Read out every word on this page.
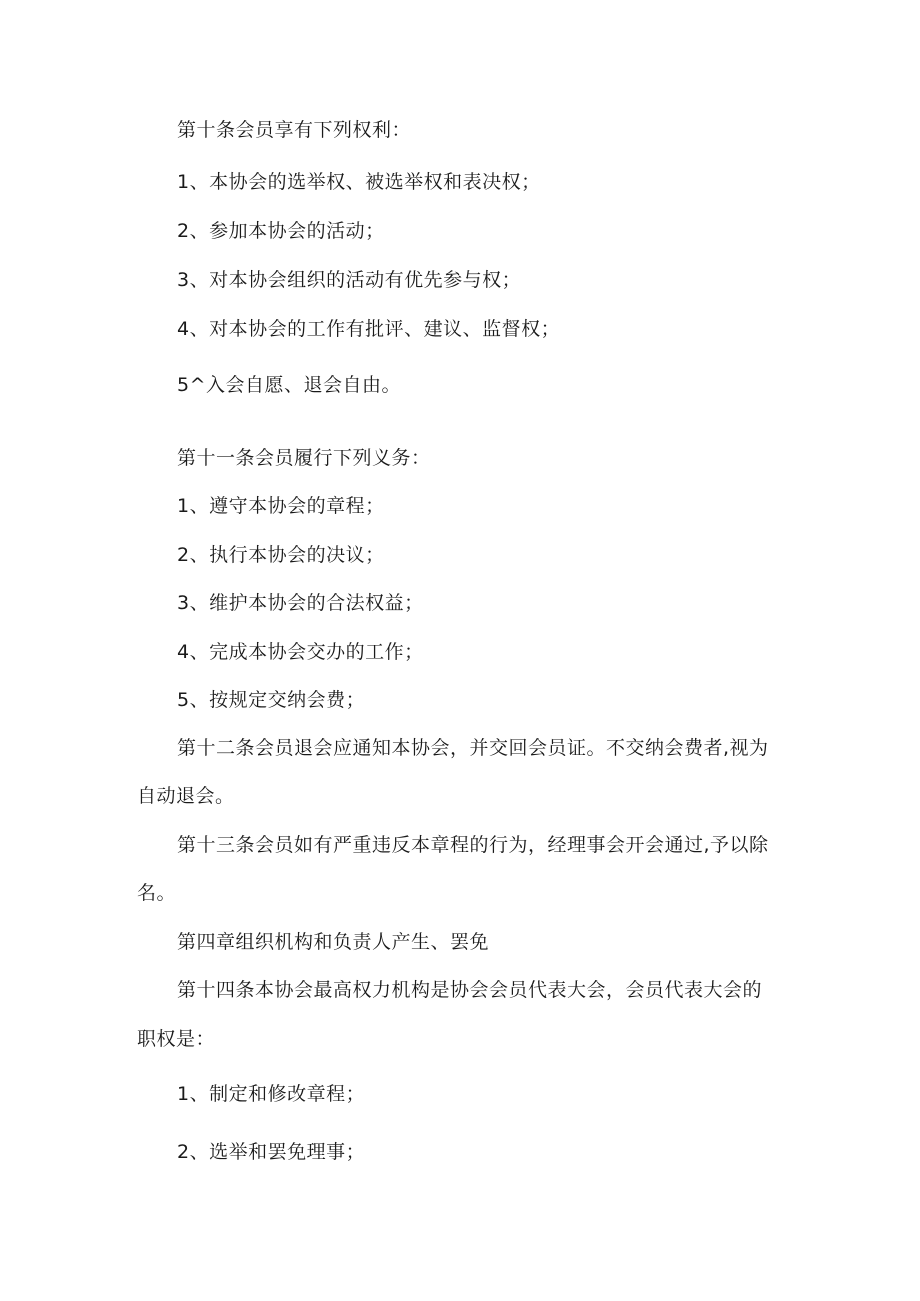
第十条会员享有下列权利：
1、本协会的选举权、被选举权和表决权；
2、参加本协会的活动；
3、对本协会组织的活动有优先参与权；
4、对本协会的工作有批评、建议、监督权；
5^入会自愿、退会自由。
第十一条会员履行下列义务：
1、遵守本协会的章程；
2、执行本协会的决议；
3、维护本协会的合法权益；
4、完成本协会交办的工作；
5、按规定交纳会费；
第十二条会员退会应通知本协会，并交回会员证。不交纳会费者,视为
自动退会。
第十三条会员如有严重违反本章程的行为，经理事会开会通过,予以除
名。
第四章组织机构和负责人产生、罢免
第十四条本协会最高权力机构是协会会员代表大会，会员代表大会的
职权是：
1、制定和修改章程；
2、选举和罢免理事；
